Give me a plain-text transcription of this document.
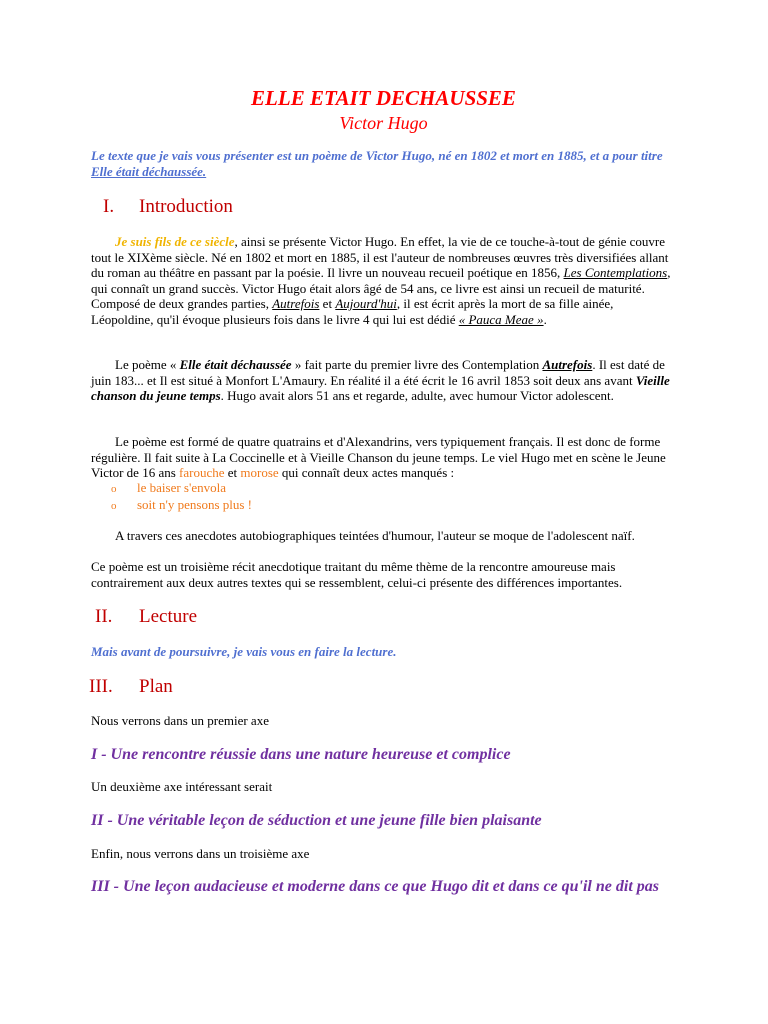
ELLE ETAIT DECHAUSSEE
Victor Hugo
Le texte que je vais vous présenter est un poème de Victor Hugo, né en 1802 et mort en 1885, et a pour titre Elle était déchaussée.
I. Introduction
Je suis fils de ce siècle, ainsi se présente Victor Hugo. En effet, la vie de ce touche-à-tout de génie couvre tout le XIXème siècle. Né en 1802 et mort en 1885, il est l'auteur de nombreuses œuvres très diversifiées allant du roman au théâtre en passant par la poésie. Il livre un nouveau recueil poétique en 1856, Les Contemplations, qui connaît un grand succès. Victor Hugo était alors âgé de 54 ans, ce livre est ainsi un recueil de maturité. Composé de deux grandes parties, Autrefois et Aujourd'hui, il est écrit après la mort de sa fille ainée, Léopoldine, qu'il évoque plusieurs fois dans le livre 4 qui lui est dédié « Pauca Meae ».
Le poème « Elle était déchaussée » fait parte du premier livre des Contemplation Autrefois. Il est daté de juin 183... et Il est situé à Monfort L'Amaury. En réalité il a été écrit le 16 avril 1853 soit deux ans avant Vieille chanson du jeune temps. Hugo avait alors 51 ans et regarde, adulte, avec humour Victor adolescent.
Le poème est formé de quatre quatrains et d'Alexandrins, vers typiquement français. Il est donc de forme régulière. Il fait suite à La Coccinelle et à Vieille Chanson du jeune temps. Le viel Hugo met en scène le Jeune Victor de 16 ans farouche et morose qui connaît deux actes manqués :
o le baiser s'envola
o soit n'y pensons plus !
A travers ces anecdotes autobiographiques teintées d'humour, l'auteur se moque de l'adolescent naïf.
Ce poème est un troisième récit anecdotique traitant du même thème de la rencontre amoureuse mais contrairement aux deux autres textes qui se ressemblent, celui-ci présente des différences importantes.
II. Lecture
Mais avant de poursuivre, je vais vous en faire la lecture.
III. Plan
Nous verrons dans un premier axe
I - Une rencontre réussie dans une nature heureuse et complice
Un deuxième axe intéressant serait
II - Une véritable leçon de séduction et une jeune fille bien plaisante
Enfin, nous verrons dans un troisième axe
III - Une leçon audacieuse et moderne dans ce que Hugo dit et dans ce qu'il ne dit pas
